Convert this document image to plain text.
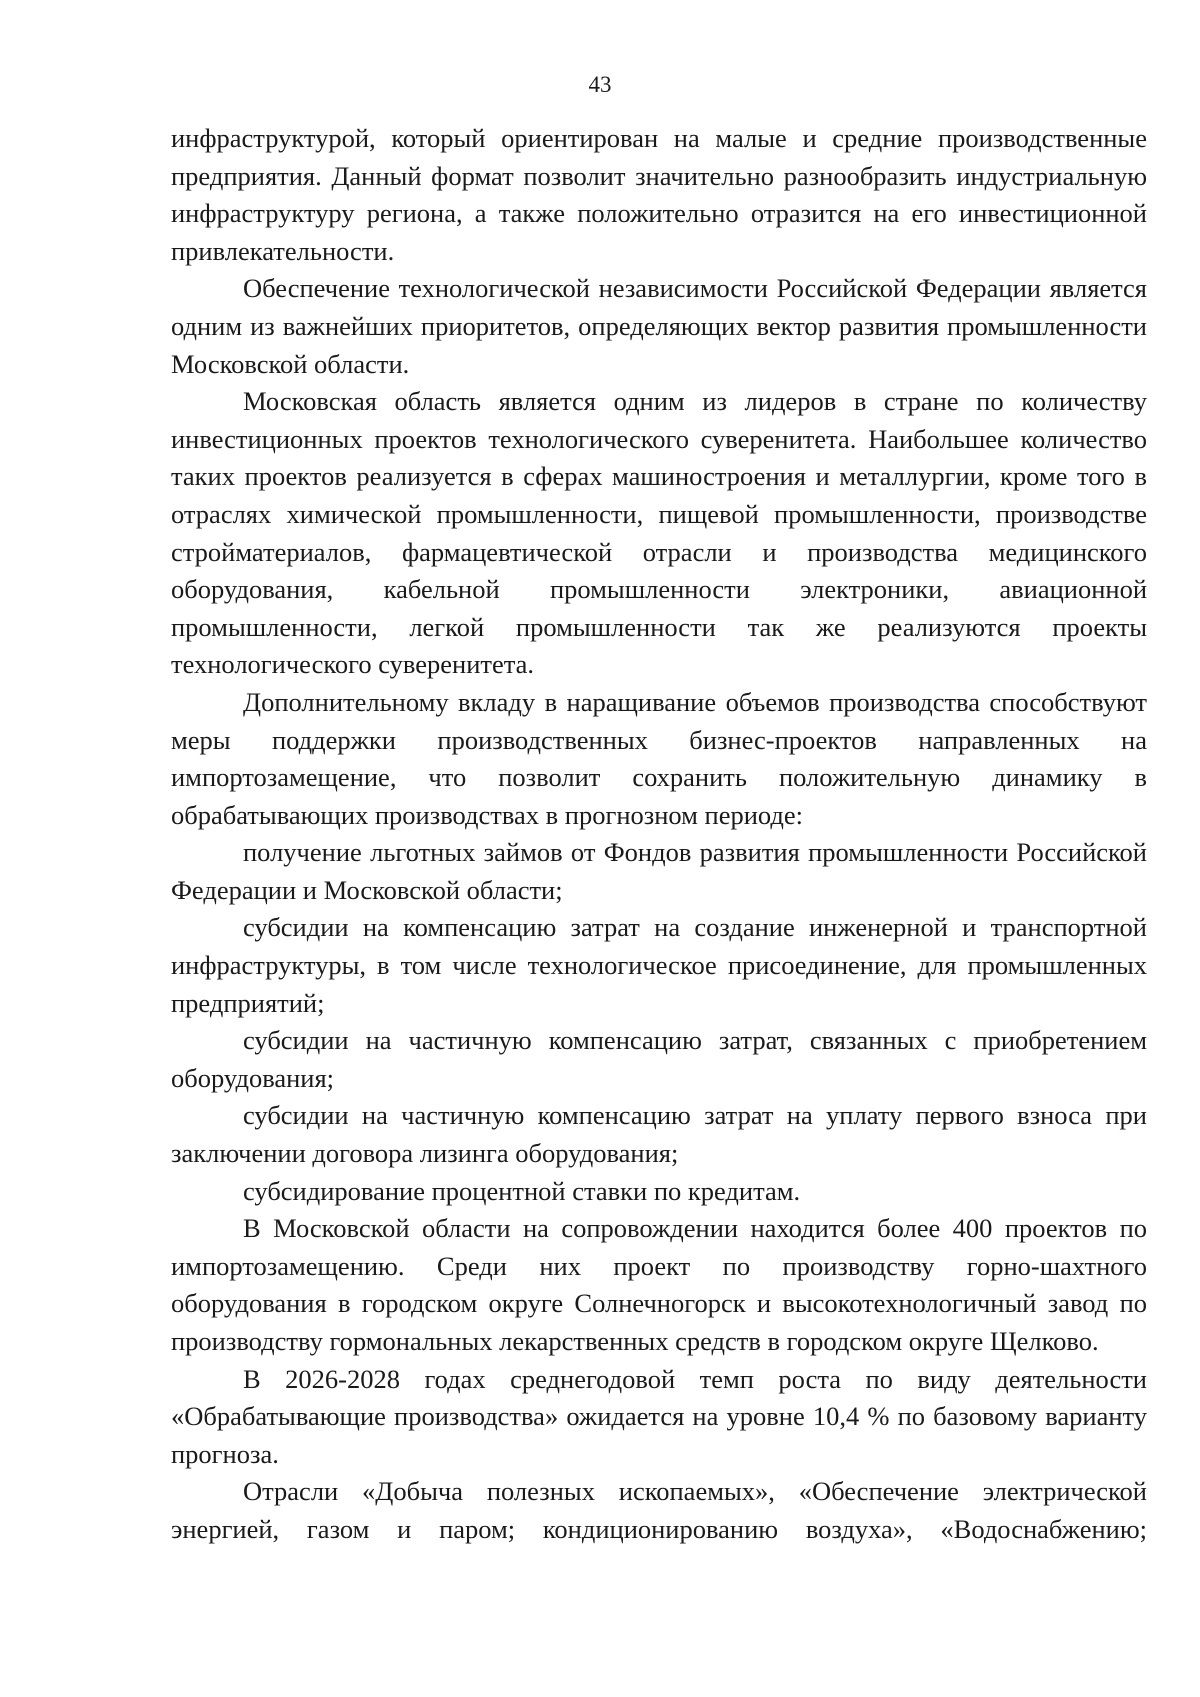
43

инфраструктурой, который ориентирован на малые и средние производственные предприятия. Данный формат позволит значительно разнообразить индустриальную инфраструктуру региона, а также положительно отразится на его инвестиционной привлекательности.

Обеспечение технологической независимости Российской Федерации является одним из важнейших приоритетов, определяющих вектор развития промышленности Московской области.

Московская область является одним из лидеров в стране по количеству инвестиционных проектов технологического суверенитета. Наибольшее количество таких проектов реализуется в сферах машиностроения и металлургии, кроме того в отраслях химической промышленности, пищевой промышленности, производстве стройматериалов, фармацевтической отрасли и производства медицинского оборудования, кабельной промышленности электроники, авиационной промышленности, легкой промышленности так же реализуются проекты технологического суверенитета.

Дополнительному вкладу в наращивание объемов производства способствуют меры поддержки производственных бизнес-проектов направленных на импортозамещение, что позволит сохранить положительную динамику в обрабатывающих производствах в прогнозном периоде:

получение льготных займов от Фондов развития промышленности Российской Федерации и Московской области;

субсидии на компенсацию затрат на создание инженерной и транспортной инфраструктуры, в том числе технологическое присоединение, для промышленных предприятий;

субсидии на частичную компенсацию затрат, связанных с приобретением оборудования;

субсидии на частичную компенсацию затрат на уплату первого взноса при заключении договора лизинга оборудования;

субсидирование процентной ставки по кредитам.

В Московской области на сопровождении находится более 400 проектов по импортозамещению. Среди них проект по производству горно-шахтного оборудования в городском округе Солнечногорск и высокотехнологичный завод по производству гормональных лекарственных средств в городском округе Щелково.

В 2026-2028 годах среднегодовой темп роста по виду деятельности «Обрабатывающие производства» ожидается на уровне 10,4 % по базовому варианту прогноза.

Отрасли «Добыча полезных ископаемых», «Обеспечение электрической энергией, газом и паром; кондиционированию воздуха», «Водоснабжению;
